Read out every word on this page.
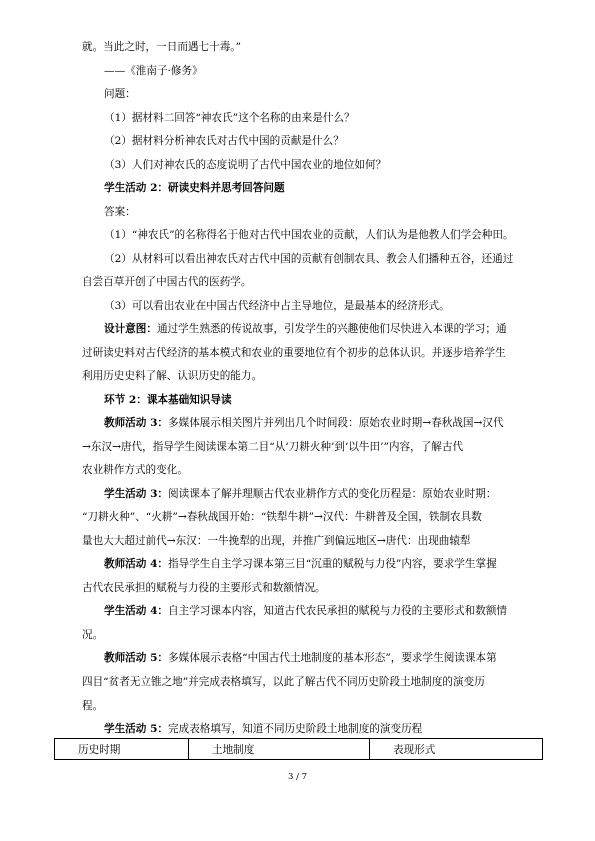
就。当此之时，一日而遇七十毒。”
——《淮南子·修务》
问题：
（1）据材料二回答“神农氏”这个名称的由来是什么？
（2）据材料分析神农氏对古代中国的贡献是什么？
（3）人们对神农氏的态度说明了古代中国农业的地位如何？
学生活动 2：研读史料并思考回答问题
答案：
（1）“神农氏”的名称得名于他对古代中国农业的贡献，人们认为是他教人们学会种田。
（2）从材料可以看出神农氏对古代中国的贡献有创制农具、教会人们播种五谷，还通过
自尝百草开创了中国古代的医药学。
（3）可以看出农业在中国古代经济中占主导地位，是最基本的经济形式。
设计意图：通过学生熟悉的传说故事，引发学生的兴趣使他们尽快进入本课的学习；通
过研读史料对古代经济的基本模式和农业的重要地位有个初步的总体认识。并逐步培养学生
利用历史史料了解、认识历史的能力。
环节 2：课本基础知识导读
教师活动 3：多媒体展示相关图片并列出几个时间段：原始农业时期→春秋战国→汉代
→东汉→唐代，指导学生阅读课本第二目“从‘刀耕火种’到‘以牛田’”内容，了解古代
农业耕作方式的变化。
学生活动 3：阅读课本了解并理顺古代农业耕作方式的变化历程是：原始农业时期：
“刀耕火种”、“火耕”→春秋战国开始：“铁犁牛耕”→汉代：牛耕普及全国，铁制农具数
量也大大超过前代→东汉：一牛挽犁的出现，并推广到偏远地区→唐代：出现曲辕犁
教师活动 4：指导学生自主学习课本第三目“沉重的赋税与力役”内容，要求学生掌握
古代农民承担的赋税与力役的主要形式和数额情况。
学生活动 4：自主学习课本内容，知道古代农民承担的赋税与力役的主要形式和数额情
况。
教师活动 5：多媒体展示表格“中国古代土地制度的基本形态”，要求学生阅读课本第
四目“贫者无立锥之地”并完成表格填写，以此了解古代不同历史阶段土地制度的演变历
程。
学生活动 5：完成表格填写，知道不同历史阶段土地制度的演变历程
历史时期	土地制度	表现形式
3 / 7
